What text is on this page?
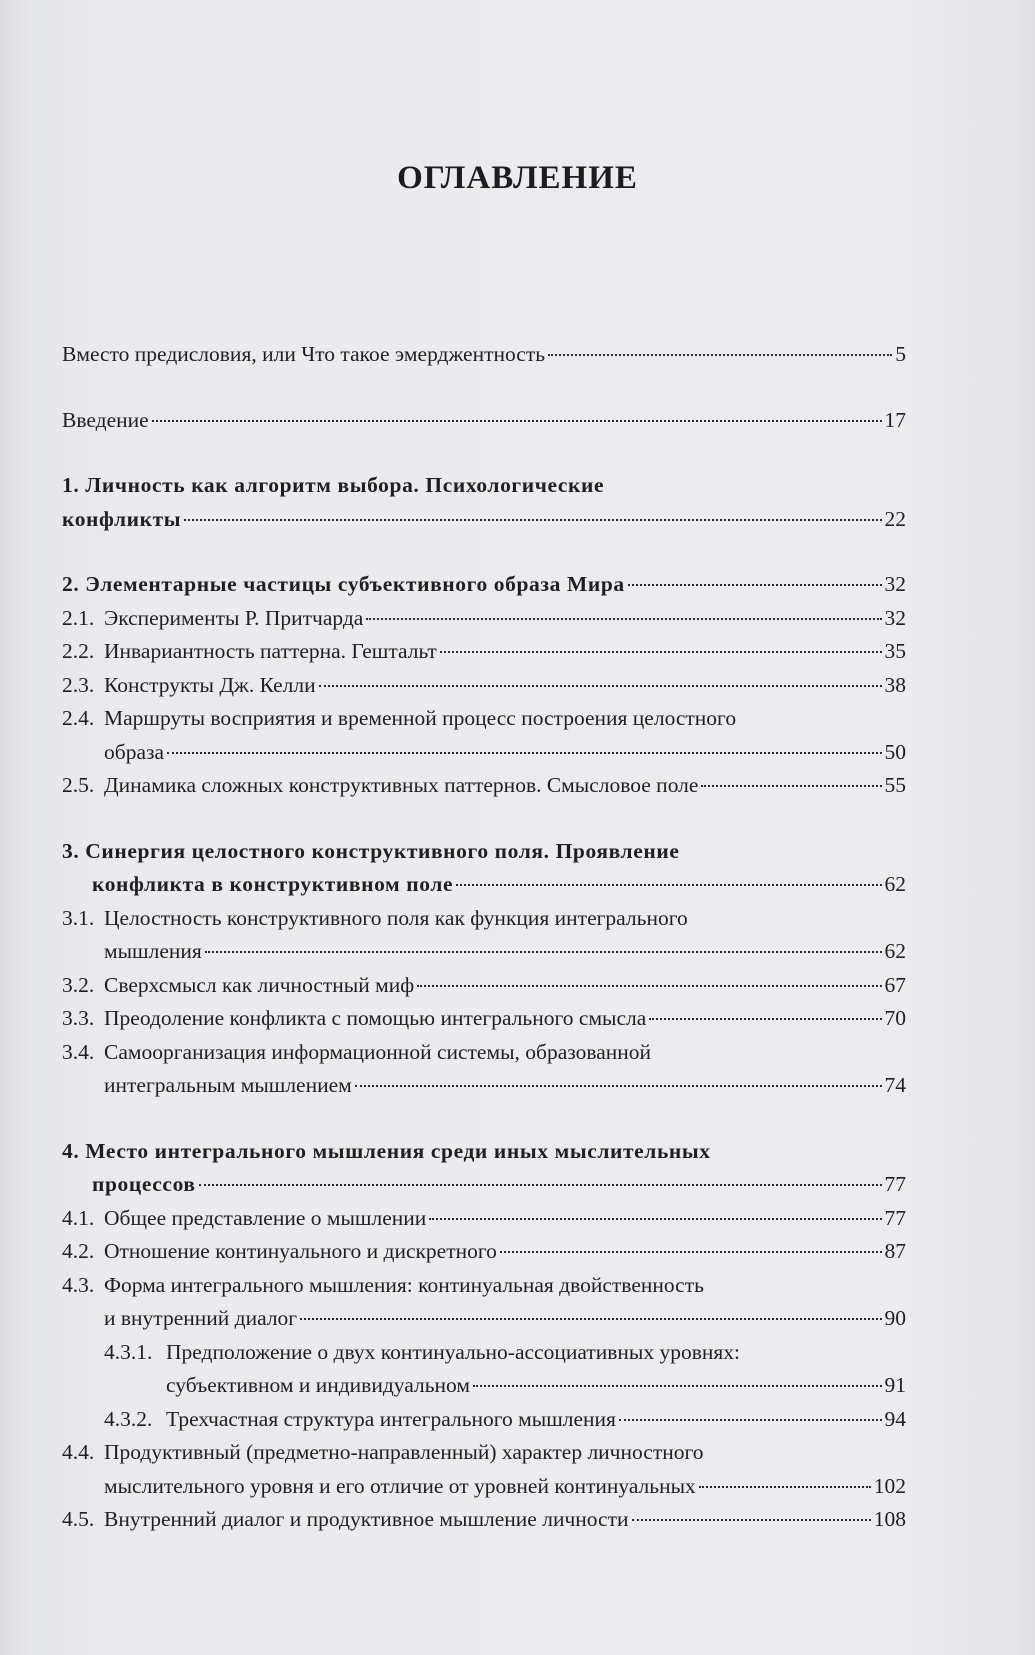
ОГЛАВЛЕНИЕ
Вместо предисловия, или Что такое эмерджентность	5
Введение	17
1. Личность как алгоритм выбора. Психологические
конфликты	22
2. Элементарные частицы субъективного образа Мира	32
2.1. Эксперименты Р. Притчарда	32
2.2. Инвариантность паттерна. Гештальт	35
2.3. Конструкты Дж. Келли	38
2.4. Маршруты восприятия и временной процесс построения целостного
образа	50
2.5. Динамика сложных конструктивных паттернов. Смысловое поле	55
3. Синергия целостного конструктивного поля. Проявление
конфликта в конструктивном поле	62
3.1. Целостность конструктивного поля как функция интегрального
мышления	62
3.2. Сверхсмысл как личностный миф	67
3.3. Преодоление конфликта с помощью интегрального смысла	70
3.4. Самоорганизация информационной системы, образованной
интегральным мышлением	74
4. Место интегрального мышления среди иных мыслительных
процессов	77
4.1. Общее представление о мышлении	77
4.2. Отношение континуального и дискретного	87
4.3. Форма интегрального мышления: континуальная двойственность
и внутренний диалог	90
4.3.1. Предположение о двух континуально-ассоциативных уровнях:
субъективном и индивидуальном	91
4.3.2. Трехчастная структура интегрального мышления	94
4.4. Продуктивный (предметно-направленный) характер личностного
мыслительного уровня и его отличие от уровней континуальных	102
4.5. Внутренний диалог и продуктивное мышление личности	108
